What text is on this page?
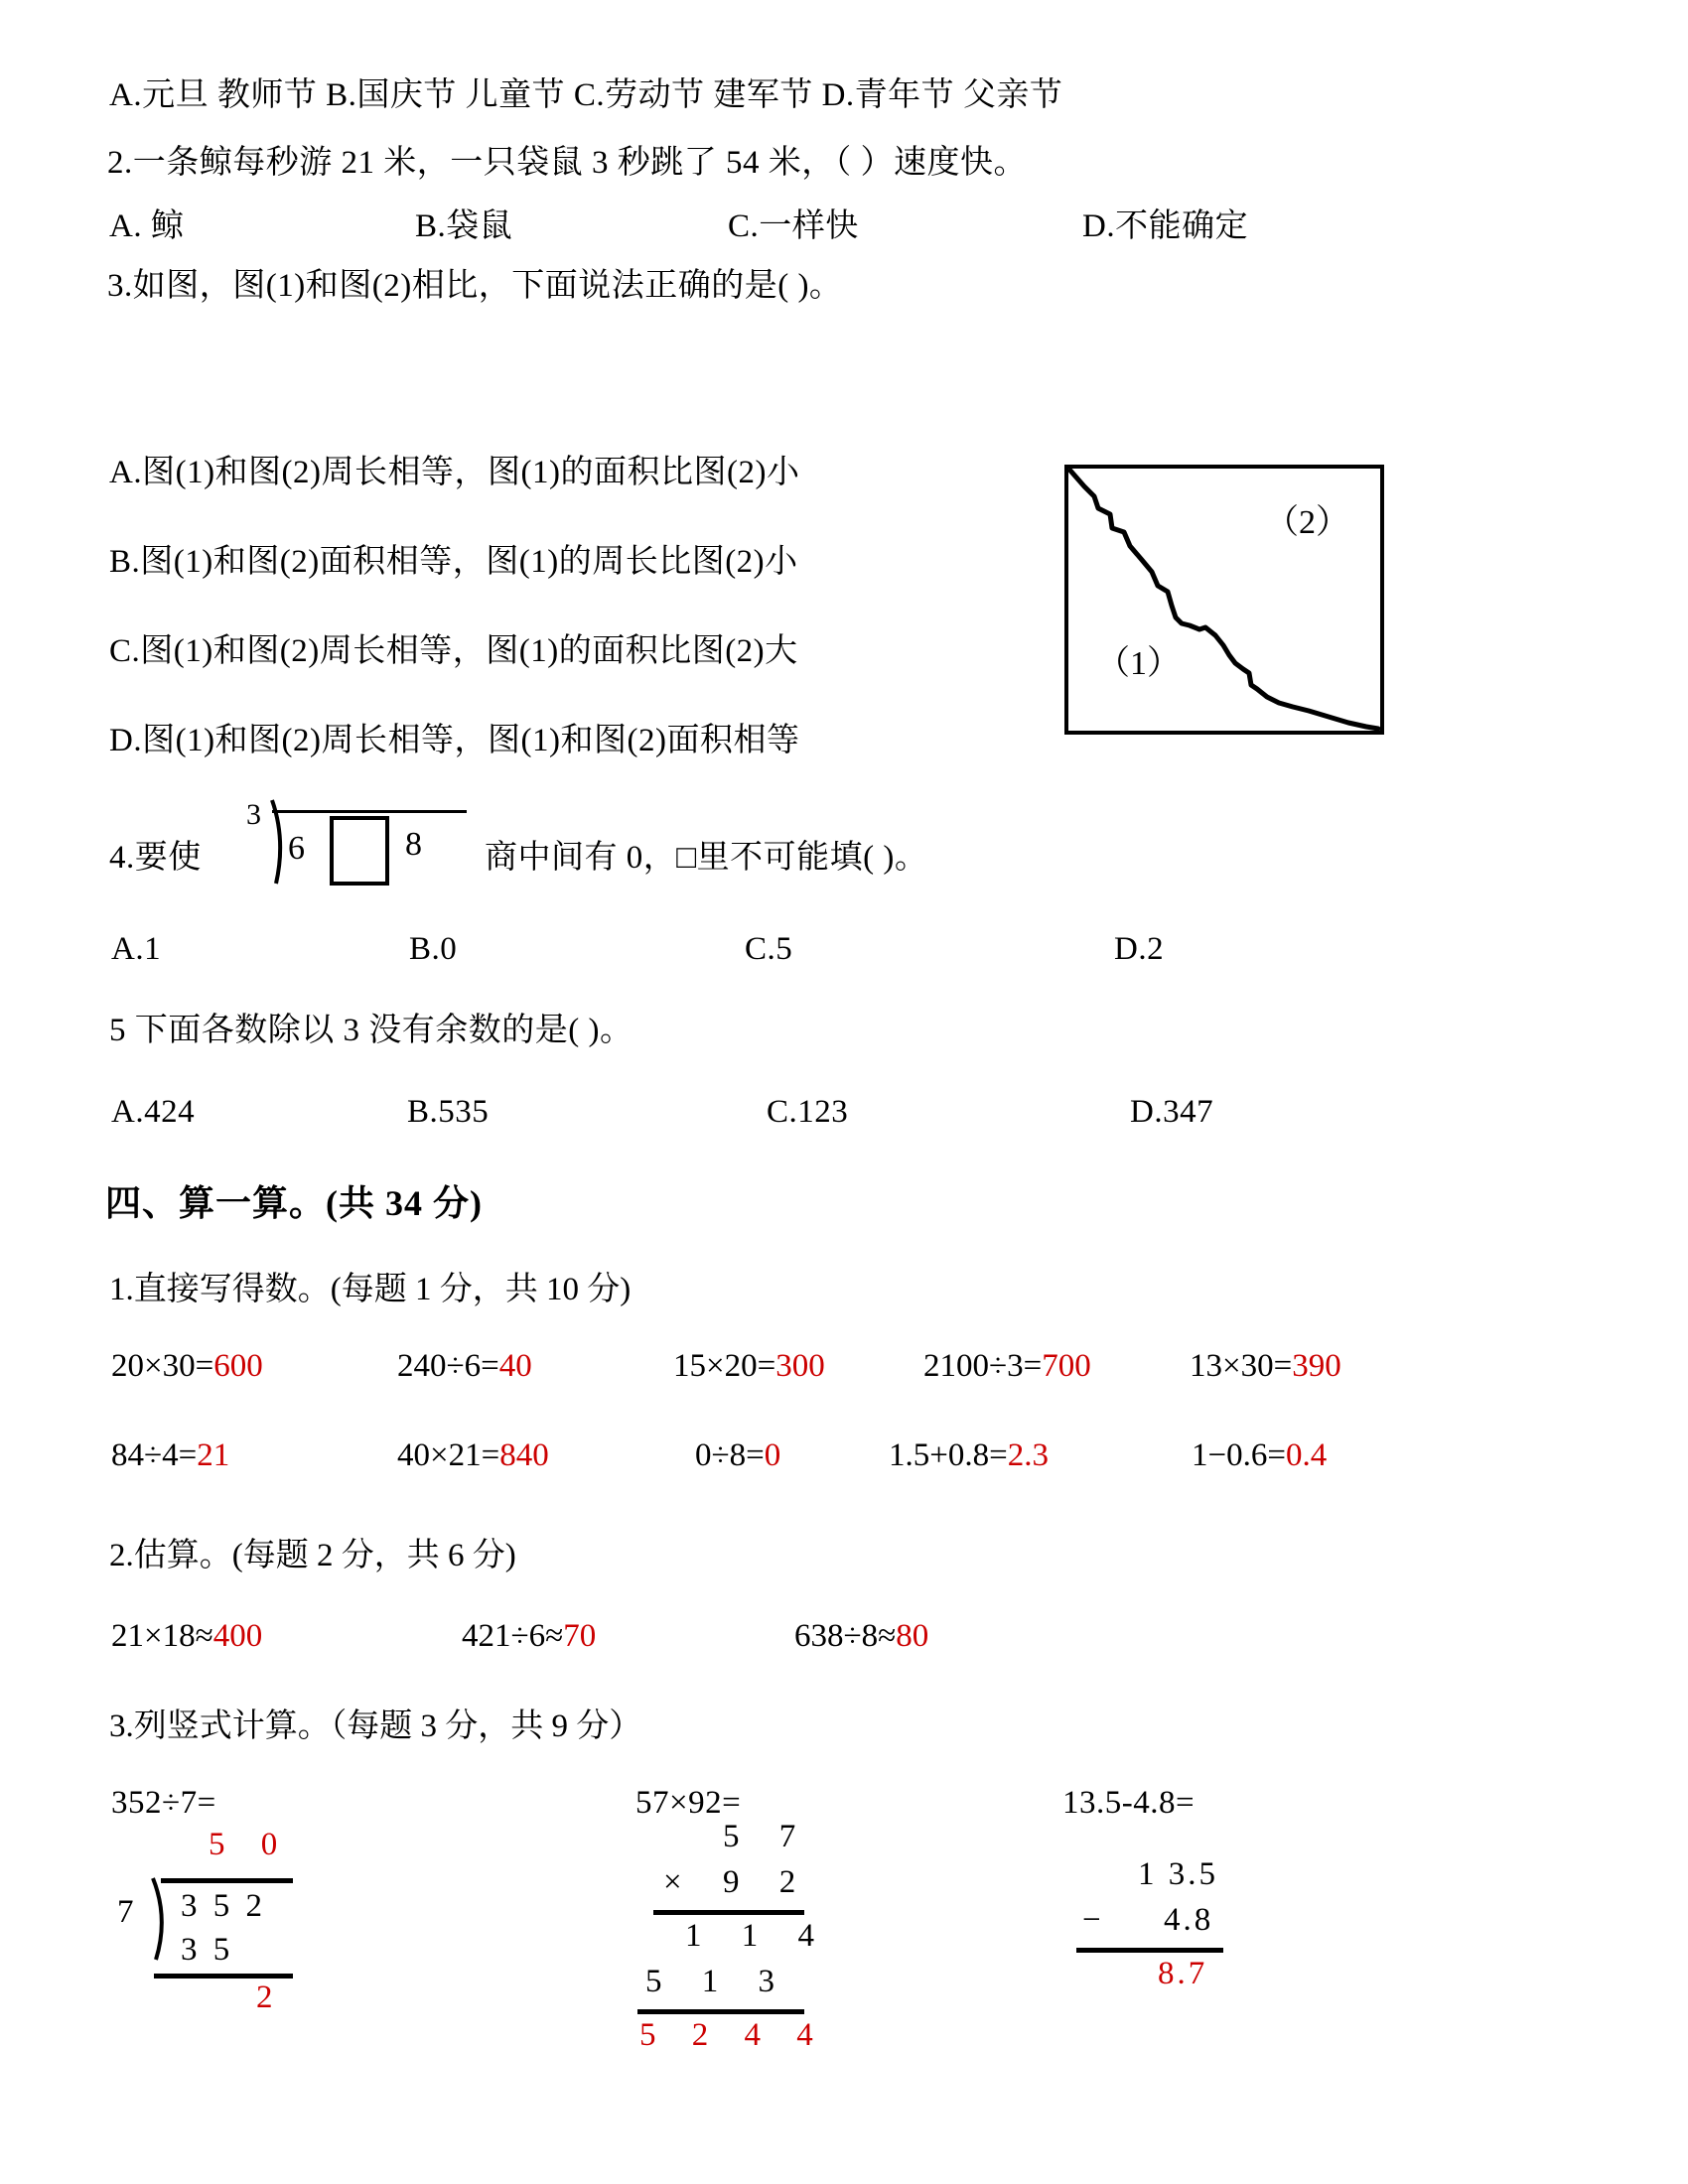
A.元旦 教师节 B.国庆节 儿童节 C.劳动节 建军节 D.青年节 父亲节
2.一条鲸每秒游 21 米，一只袋鼠 3 秒跳了 54 米，（ ）速度快。
A. 鲸	B.袋鼠	C.一样快	D.不能确定
3.如图，图(1)和图(2)相比，下面说法正确的是( )。
A.图(1)和图(2)周长相等，图(1)的面积比图(2)小
B.图(1)和图(2)面积相等，图(1)的周长比图(2)小
C.图(1)和图(2)周长相等，图(1)的面积比图(2)大
D.图(1)和图(2)周长相等，图(1)和图(2)面积相等
（2）
（1）
4.要使
3
6	8 商中间有 0，□里不可能填( )。
A.1	B.0	C.5	D.2
5 下面各数除以 3 没有余数的是( )。
A.424	B.535	C.123	D.347
四、算一算。(共 34 分)
1.直接写得数。(每题 1 分，共 10 分)
20×30=600	240÷6=40	15×20=300	2100÷3=700	13×30=390
84÷4=21	40×21=840	0÷8=0	1.5+0.8=2.3	1−0.6=0.4
2.估算。(每题 2 分，共 6 分)
21×18≈400	421÷6≈70	638÷8≈80
3.列竖式计算。（每题 3 分，共 9 分）
352÷7=	57×92=	13.5-4.8=
5 0
7 3 5 2
3 5
2
5 7
× 9 2
1 1 4
5 1 3
5 2 4 4
1 3.5
− 4.8
8.7
